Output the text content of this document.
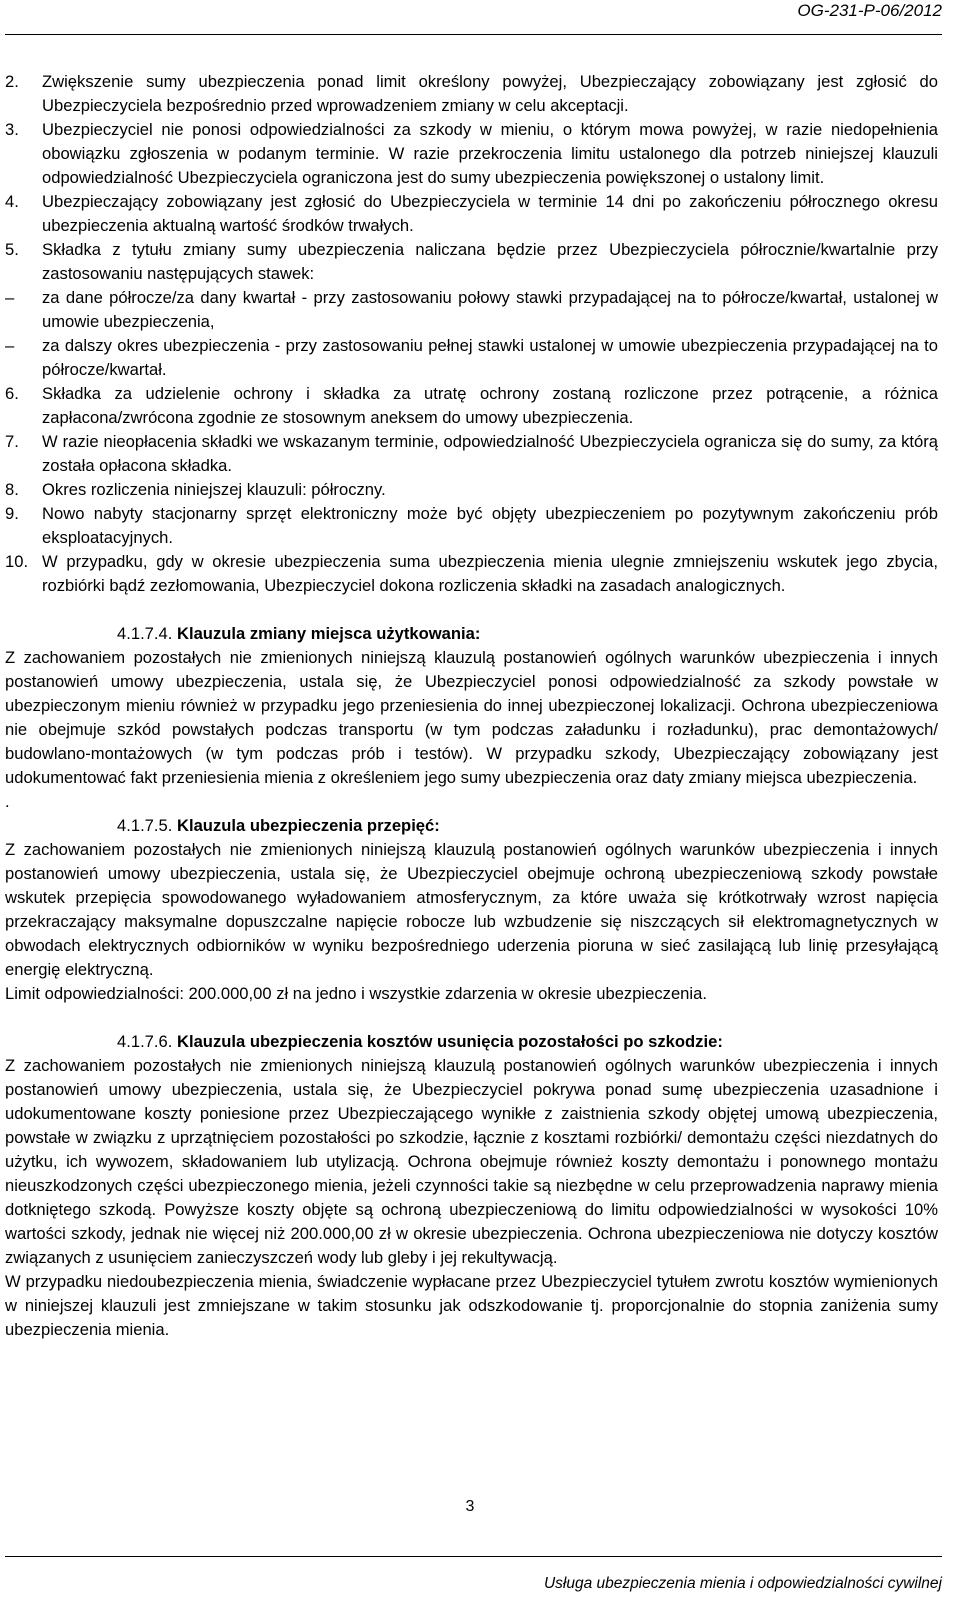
OG-231-P-06/2012
2. Zwiększenie sumy ubezpieczenia ponad limit określony powyżej, Ubezpieczający zobowiązany jest zgłosić do Ubezpieczyciela bezpośrednio przed wprowadzeniem zmiany w celu akceptacji.
3. Ubezpieczyciel nie ponosi odpowiedzialności za szkody w mieniu, o którym mowa powyżej, w razie niedopełnienia obowiązku zgłoszenia w podanym terminie. W razie przekroczenia limitu ustalonego dla potrzeb niniejszej klauzuli odpowiedzialność Ubezpieczyciela ograniczona jest do sumy ubezpieczenia powiększonej o ustalony limit.
4. Ubezpieczający zobowiązany jest zgłosić do Ubezpieczyciela w terminie 14 dni po zakończeniu półrocznego okresu ubezpieczenia aktualną wartość środków trwałych.
5. Składka z tytułu zmiany sumy ubezpieczenia naliczana będzie przez Ubezpieczyciela półrocznie/kwartalnie przy zastosowaniu następujących stawek:
– za dane półrocze/za dany kwartał - przy zastosowaniu połowy stawki przypadającej na to półrocze/kwartał, ustalonej w umowie ubezpieczenia,
– za dalszy okres ubezpieczenia - przy zastosowaniu pełnej stawki ustalonej w umowie ubezpieczenia przypadającej na to półrocze/kwartał.
6. Składka za udzielenie ochrony i składka za utratę ochrony zostaną rozliczone przez potrącenie, a różnica zapłacona/zwrócona zgodnie ze stosownym aneksem do umowy ubezpieczenia.
7. W razie nieopłacenia składki we wskazanym terminie, odpowiedzialność Ubezpieczyciela ogranicza się do sumy, za którą została opłacona składka.
8. Okres rozliczenia niniejszej klauzuli: półroczny.
9. Nowo nabyty stacjonarny sprzęt elektroniczny może być objęty ubezpieczeniem po pozytywnym zakończeniu prób eksploatacyjnych.
10. W przypadku, gdy w okresie ubezpieczenia suma ubezpieczenia mienia ulegnie zmniejszeniu wskutek jego zbycia, rozbiórki bądź zezłomowania, Ubezpieczyciel dokona rozliczenia składki na zasadach analogicznych.
4.1.7.4. Klauzula zmiany miejsca użytkowania:

Z zachowaniem pozostałych nie zmienionych niniejszą klauzulą postanowień ogólnych warunków ubezpieczenia i innych postanowień umowy ubezpieczenia, ustala się, że Ubezpieczyciel ponosi odpowiedzialność za szkody powstałe w ubezpieczonym mieniu również w przypadku jego przeniesienia do innej ubezpieczonej lokalizacji. Ochrona ubezpieczeniowa nie obejmuje szkód powstałych podczas transportu (w tym podczas załadunku i rozładunku), prac demontażowych/ budowlano-montażowych (w tym podczas prób i testów). W przypadku szkody, Ubezpieczający zobowiązany jest udokumentować fakt przeniesienia mienia z określeniem jego sumy ubezpieczenia oraz daty zmiany miejsca ubezpieczenia.

.

4.1.7.5. Klauzula ubezpieczenia przepięć:

Z zachowaniem pozostałych nie zmienionych niniejszą klauzulą postanowień ogólnych warunków ubezpieczenia i innych postanowień umowy ubezpieczenia, ustala się, że Ubezpieczyciel obejmuje ochroną ubezpieczeniową szkody powstałe wskutek przepięcia spowodowanego wyładowaniem atmosferycznym, za które uważa się krótkotrwały wzrost napięcia przekraczający maksymalne dopuszczalne napięcie robocze lub wzbudzenie się niszczących sił elektromagnetycznych w obwodach elektrycznych odbiorników w wyniku bezpośredniego uderzenia pioruna w sieć zasilającą lub linię przesyłającą energię elektryczną.

Limit odpowiedzialności: 200.000,00 zł na jedno i wszystkie zdarzenia w okresie ubezpieczenia.

4.1.7.6. Klauzula ubezpieczenia kosztów usunięcia pozostałości po szkodzie:

Z zachowaniem pozostałych nie zmienionych niniejszą klauzulą postanowień ogólnych warunków ubezpieczenia i innych postanowień umowy ubezpieczenia, ustala się, że Ubezpieczyciel pokrywa ponad sumę ubezpieczenia uzasadnione i udokumentowane koszty poniesione przez Ubezpieczającego wynikłe z zaistnienia szkody objętej umową ubezpieczenia, powstałe w związku z uprzątnięciem pozostałości po szkodzie, łącznie z kosztami rozbiórki/ demontażu części niezdatnych do użytku, ich wywozem, składowaniem lub utylizacją. Ochrona obejmuje również koszty demontażu i ponownego montażu nieuszkodzonych części ubezpieczonego mienia, jeżeli czynności takie są niezbędne w celu przeprowadzenia naprawy mienia dotkniętego szkodą. Powyższe koszty objęte są ochroną ubezpieczeniową do limitu odpowiedzialności w wysokości 10% wartości szkody, jednak nie więcej niż 200.000,00 zł w okresie ubezpieczenia. Ochrona ubezpieczeniowa nie dotyczy kosztów związanych z usunięciem zanieczyszczeń wody lub gleby i jej rekultywacją.

W przypadku niedoubezpieczenia mienia, świadczenie wypłacane przez Ubezpieczyciel tytułem zwrotu kosztów wymienionych w niniejszej klauzuli jest zmniejszane w takim stosunku jak odszkodowanie tj. proporcjonalnie do stopnia zaniżenia sumy ubezpieczenia mienia.

3
Usługa ubezpieczenia mienia i odpowiedzialności cywilnej
